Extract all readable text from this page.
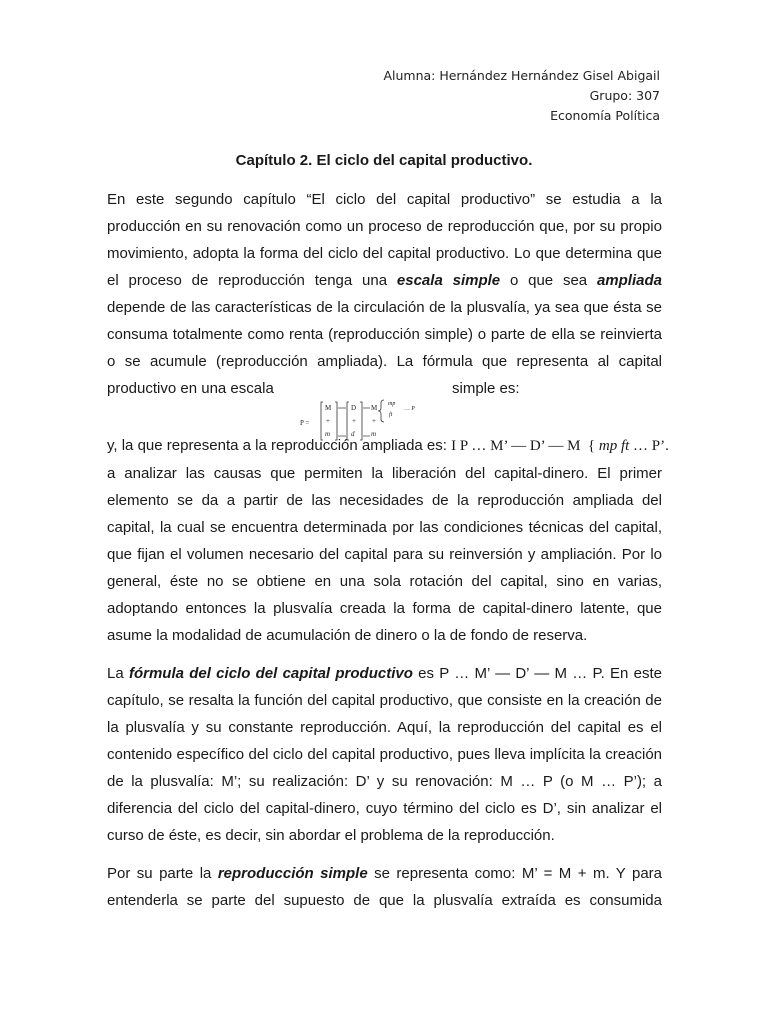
Alumna: Hernández Hernández Gisel Abigail
Grupo: 307
Economía Política
Capítulo 2. El ciclo del capital productivo.
En este segundo capítulo “El ciclo del capital productivo” se estudia a la
producción en su renovación como un proceso de reproducción que, por su propio
movimiento, adopta la forma del ciclo del capital productivo. Lo que determina que
el proceso de reproducción tenga una escala simple o que sea ampliada
depende de las características de la circulación de la plusvalía, ya sea que ésta se
consuma totalmente como renta (reproducción simple) o parte de ella se reinvierta
o se acumule (reproducción ampliada). La fórmula que representa al capital
productivo en una escala	simple es:
y, la que representa a la reproducción ampliada es: I P … M’ — D’ — M  { mp ft … P’.
a analizar las causas que permiten la liberación del capital-dinero. El primer
elemento se da a partir de las necesidades de la reproducción ampliada del
capital, la cual se encuentra determinada por las condiciones técnicas del capital,
que fijan el volumen necesario del capital para su reinversión y ampliación. Por lo
general, éste no se obtiene en una sola rotación del capital, sino en varias,
adoptando entonces la plusvalía creada la forma de capital-dinero latente, que
asume la modalidad de acumulación de dinero o la de fondo de reserva.
La fórmula del ciclo del capital productivo es P … M’ — D’ — M … P. En este
capítulo, se resalta la función del capital productivo, que consiste en la creación de
la plusvalía y su constante reproducción. Aquí, la reproducción del capital es el
contenido específico del ciclo del capital productivo, pues lleva implícita la creación
de la plusvalía: M’; su realización: D’ y su renovación: M … P (o M … P’); a
diferencia del ciclo del capital-dinero, cuyo término del ciclo es D’, sin analizar el
curso de éste, es decir, sin abordar el problema de la reproducción.
Por su parte la reproducción simple se representa como: M’ = M + m. Y para
entenderla se parte del supuesto de que la plusvalía extraída es consumida
P =
M
+
m
D
+
d
M
+
m
mp
ft
… P
